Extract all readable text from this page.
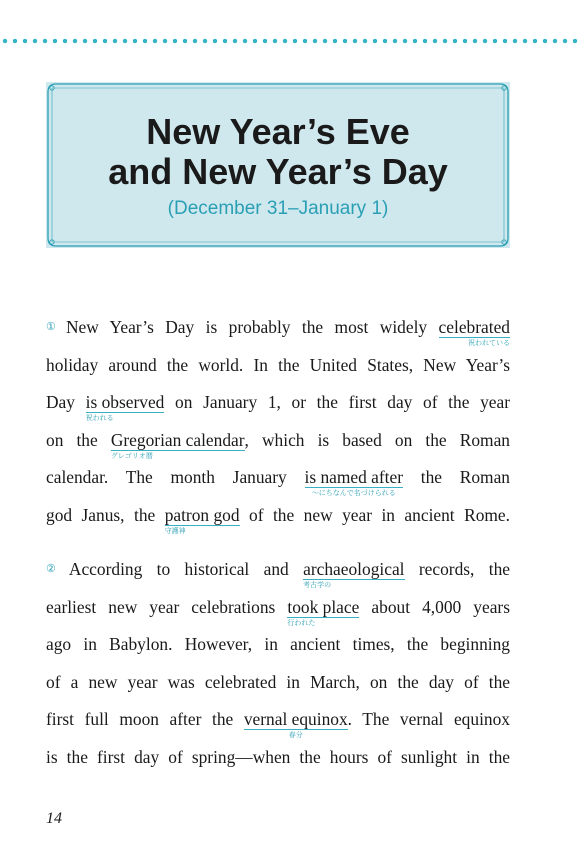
New Year’s Eve
and New Year’s Day
(December 31–January 1)
① New Year’s Day is probably the most widely celebrated
祝われている
holiday around the world. In the United States, New Year’s
Day is observed
祝われる
on January 1, or the first day of the year
on the Gregorian calendar
グレゴリオ暦
, which is based on the Roman
calendar. The month January is named after
〜にちなんで名づけられる
the Roman
god Janus, the patron god
守護神
of the new year in ancient Rome.
② According to historical and archaeological
考古学の
records, the
earliest new year celebrations took place
行われた
about 4,000 years
ago in Babylon. However, in ancient times, the beginning
of a new year was celebrated in March, on the day of the
first full moon after the vernal equinox
春分
. The vernal equinox
is the first day of spring—when the hours of sunlight in the
14
